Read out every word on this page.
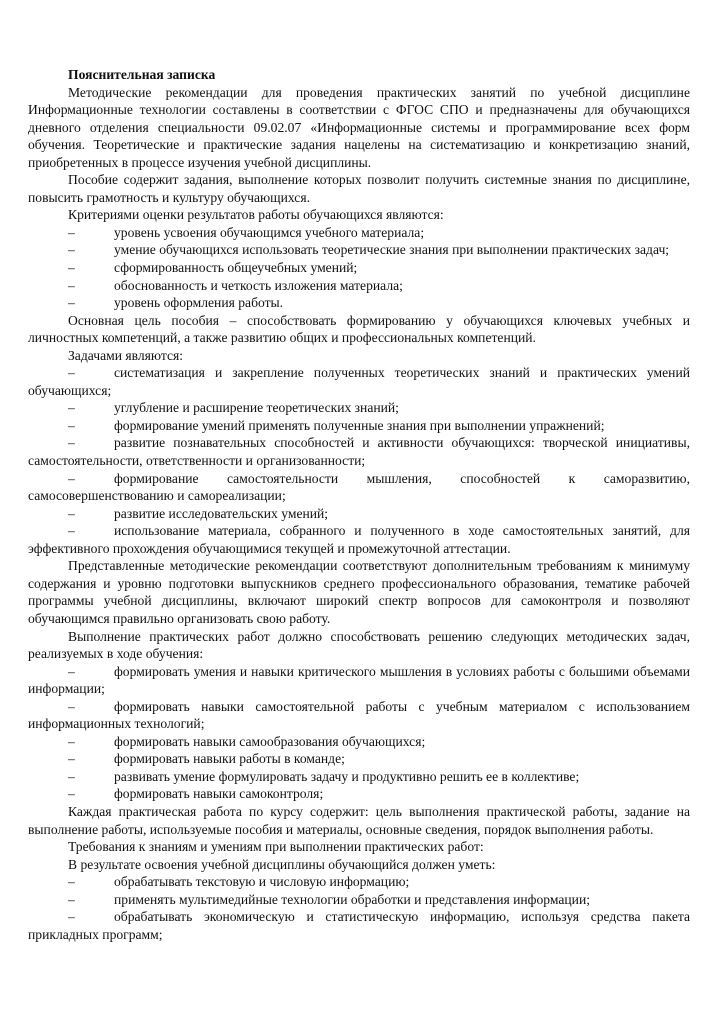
Пояснительная записка

Методические рекомендации для проведения практических занятий по учебной дисциплине Информационные технологии составлены в соответствии с ФГОС СПО и предназначены для обучающихся дневного отделения специальности 09.02.07 «Информационные системы и программирование всех форм обучения. Теоретические и практические задания нацелены на систематизацию и конкретизацию знаний, приобретенных в процессе изучения учебной дисциплины.

Пособие содержит задания, выполнение которых позволит получить системные знания по дисциплине, повысить грамотность и культуру обучающихся.

Критериями оценки результатов работы обучающихся являются:

–	уровень усвоения обучающимся учебного материала;

–	умение обучающихся использовать теоретические знания при выполнении практических задач;

–	сформированность общеучебных умений;

–	обоснованность и четкость изложения материала;

–	уровень оформления работы.

Основная цель пособия – способствовать формированию у обучающихся ключевых учебных и личностных компетенций, а также развитию общих и профессиональных компетенций.

Задачами являются:

–	систематизация и закрепление полученных теоретических знаний и практических умений обучающихся;

–	углубление и расширение теоретических знаний;

–	формирование умений применять полученные знания при выполнении упражнений;

–	развитие познавательных способностей и активности обучающихся: творческой инициативы, самостоятельности, ответственности и организованности;

–	формирование самостоятельности мышления, способностей к саморазвитию, самосовершенствованию и самореализации;

–	развитие исследовательских умений;

–	использование материала, собранного и полученного в ходе самостоятельных занятий, для эффективного прохождения обучающимися текущей и промежуточной аттестации.

Представленные методические рекомендации соответствуют дополнительным требованиям к минимуму содержания и уровню подготовки выпускников среднего профессионального образования, тематике рабочей программы учебной дисциплины, включают широкий спектр вопросов для самоконтроля и позволяют обучающимся правильно организовать свою работу.

Выполнение практических работ должно способствовать решению следующих методических задач, реализуемых в ходе обучения:

–	формировать умения и навыки критического мышления в условиях работы с большими объемами информации;

–	формировать навыки самостоятельной работы с учебным материалом с использованием информационных технологий;

–	формировать навыки самообразования обучающихся;

–	формировать навыки работы в команде;

–	развивать умение формулировать задачу и продуктивно решить ее в коллективе;

–	формировать навыки самоконтроля;

Каждая практическая работа по курсу содержит: цель выполнения практической работы, задание на выполнение работы, используемые пособия и материалы, основные сведения, порядок выполнения работы.

Требования к знаниям и умениям при выполнении практических работ:

В результате освоения учебной дисциплины обучающийся должен уметь:

–	обрабатывать текстовую и числовую информацию;

–	применять мультимедийные технологии обработки и представления информации;

–	обрабатывать экономическую и статистическую информацию, используя средства пакета прикладных программ;
